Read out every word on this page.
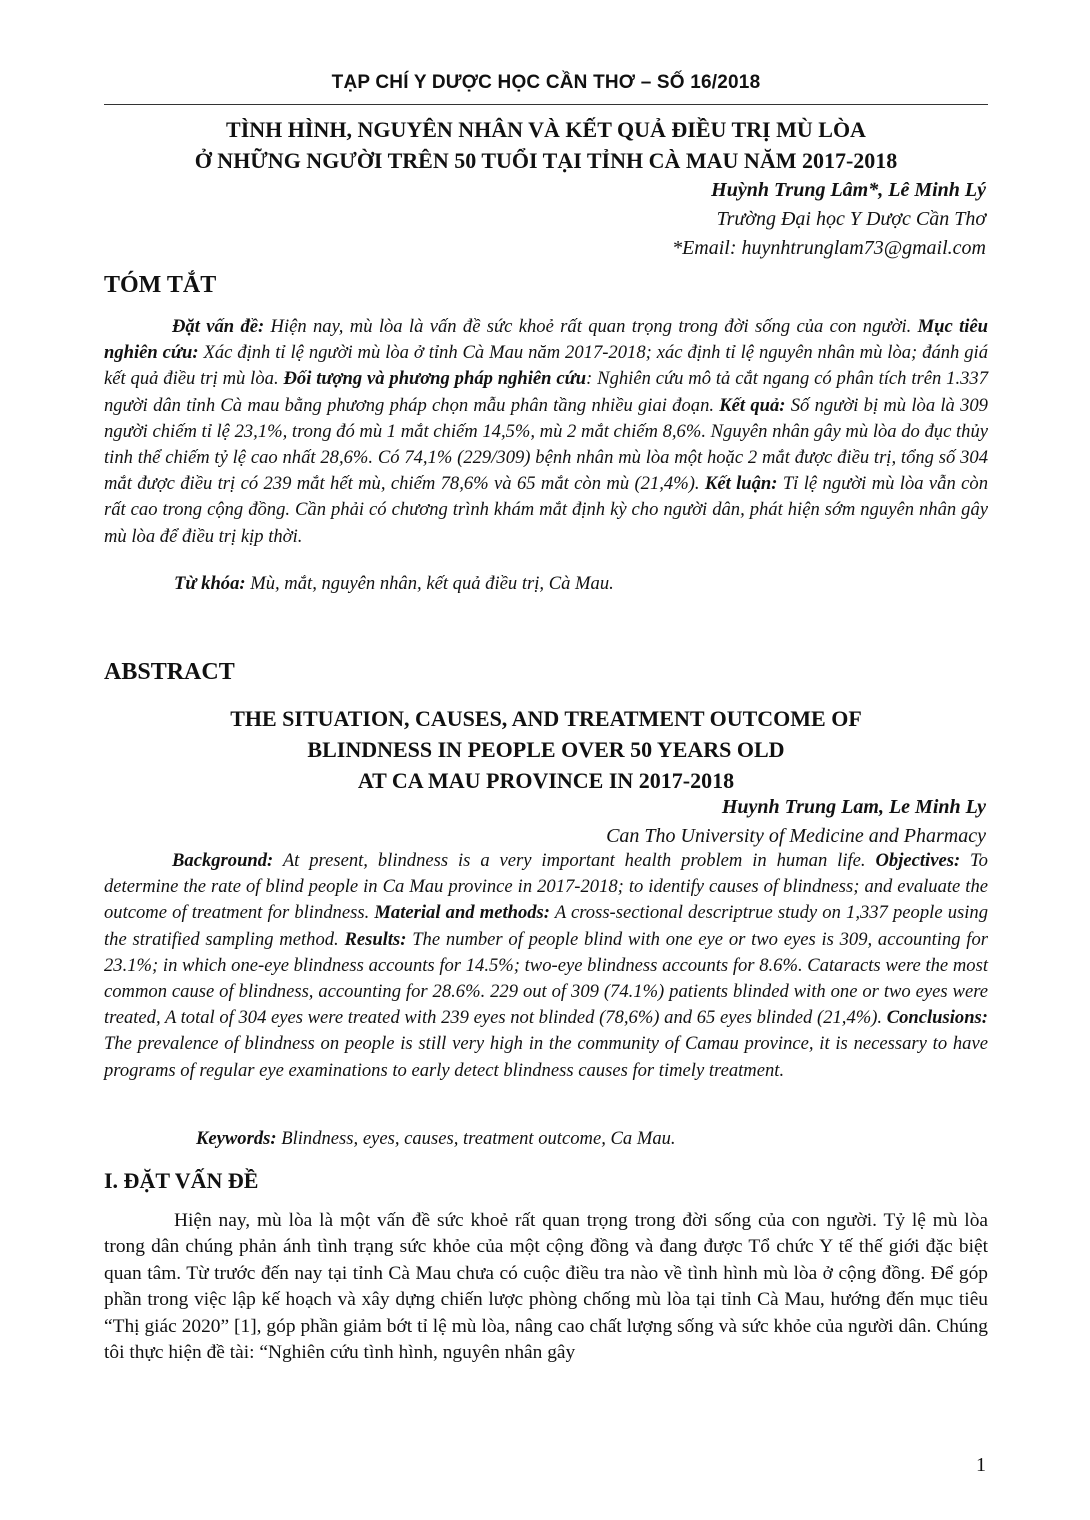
TẠP CHÍ Y DƯỢC HỌC CẦN THƠ – SỐ 16/2018
TÌNH HÌNH, NGUYÊN NHÂN VÀ KẾT QUẢ ĐIỀU TRỊ MÙ LÒA
Ở NHỮNG NGƯỜI TRÊN 50 TUỔI TẠI TỈNH CÀ MAU NĂM 2017-2018
Huỳnh Trung Lâm*, Lê Minh Lý
Trường Đại học Y Dược Cần Thơ
*Email: huynhtrunglam73@gmail.com
TÓM TẮT
Đặt vấn đề: Hiện nay, mù lòa là vấn đề sức khoẻ rất quan trọng trong đời sống của con người. Mục tiêu nghiên cứu: Xác định tỉ lệ người mù lòa ở tỉnh Cà Mau năm 2017-2018; xác định tỉ lệ nguyên nhân mù lòa; đánh giá kết quả điều trị mù lòa. Đối tượng và phương pháp nghiên cứu: Nghiên cứu mô tả cắt ngang có phân tích trên 1.337 người dân tỉnh Cà mau bằng phương pháp chọn mẫu phân tầng nhiều giai đoạn. Kết quả: Số người bị mù lòa là 309 người chiếm tỉ lệ 23,1%, trong đó mù 1 mắt chiếm 14,5%, mù 2 mắt chiếm 8,6%. Nguyên nhân gây mù lòa do đục thủy tinh thể chiếm tỷ lệ cao nhất 28,6%. Có 74,1% (229/309) bệnh nhân mù lòa một hoặc 2 mắt được điều trị, tổng số 304 mắt được điều trị có 239 mắt hết mù, chiếm 78,6% và 65 mắt còn mù (21,4%). Kết luận: Tỉ lệ người mù lòa vẫn còn rất cao trong cộng đồng. Cần phải có chương trình khám mắt định kỳ cho người dân, phát hiện sớm nguyên nhân gây mù lòa để điều trị kịp thời.
Từ khóa: Mù, mắt, nguyên nhân, kết quả điều trị, Cà Mau.
ABSTRACT
THE SITUATION, CAUSES, AND TREATMENT OUTCOME OF
BLINDNESS IN PEOPLE OVER 50 YEARS OLD
AT CA MAU PROVINCE IN 2017-2018
Huynh Trung Lam, Le Minh Ly
Can Tho University of Medicine and Pharmacy
Background: At present, blindness is a very important health problem in human life. Objectives: To determine the rate of blind people in Ca Mau province in 2017-2018; to identify causes of blindness; and evaluate the outcome of treatment for blindness. Material and methods: A cross-sectional descriptrue study on 1,337 people using the stratified sampling method. Results: The number of people blind with one eye or two eyes is 309, accounting for 23.1%; in which one-eye blindness accounts for 14.5%; two-eye blindness accounts for 8.6%. Cataracts were the most common cause of blindness, accounting for 28.6%. 229 out of 309 (74.1%) patients blinded with one or two eyes were treated, A total of 304 eyes were treated with 239 eyes not blinded (78,6%) and 65 eyes blinded (21,4%). Conclusions: The prevalence of blindness on people is still very high in the community of Camau province, it is necessary to have programs of regular eye examinations to early detect blindness causes for timely treatment.
Keywords: Blindness, eyes, causes, treatment outcome, Ca Mau.
I. ĐẶT VẤN ĐỀ
Hiện nay, mù lòa là một vấn đề sức khoẻ rất quan trọng trong đời sống của con người. Tỷ lệ mù lòa trong dân chúng phản ánh tình trạng sức khỏe của một cộng đồng và đang được Tổ chức Y tế thế giới đặc biệt quan tâm. Từ trước đến nay tại tỉnh Cà Mau chưa có cuộc điều tra nào về tình hình mù lòa ở cộng đồng. Để góp phần trong việc lập kế hoạch và xây dựng chiến lược phòng chống mù lòa tại tỉnh Cà Mau, hướng đến mục tiêu “Thị giác 2020” [1], góp phần giảm bớt tỉ lệ mù lòa, nâng cao chất lượng sống và sức khỏe của người dân. Chúng tôi thực hiện đề tài: “Nghiên cứu tình hình, nguyên nhân gây
1
